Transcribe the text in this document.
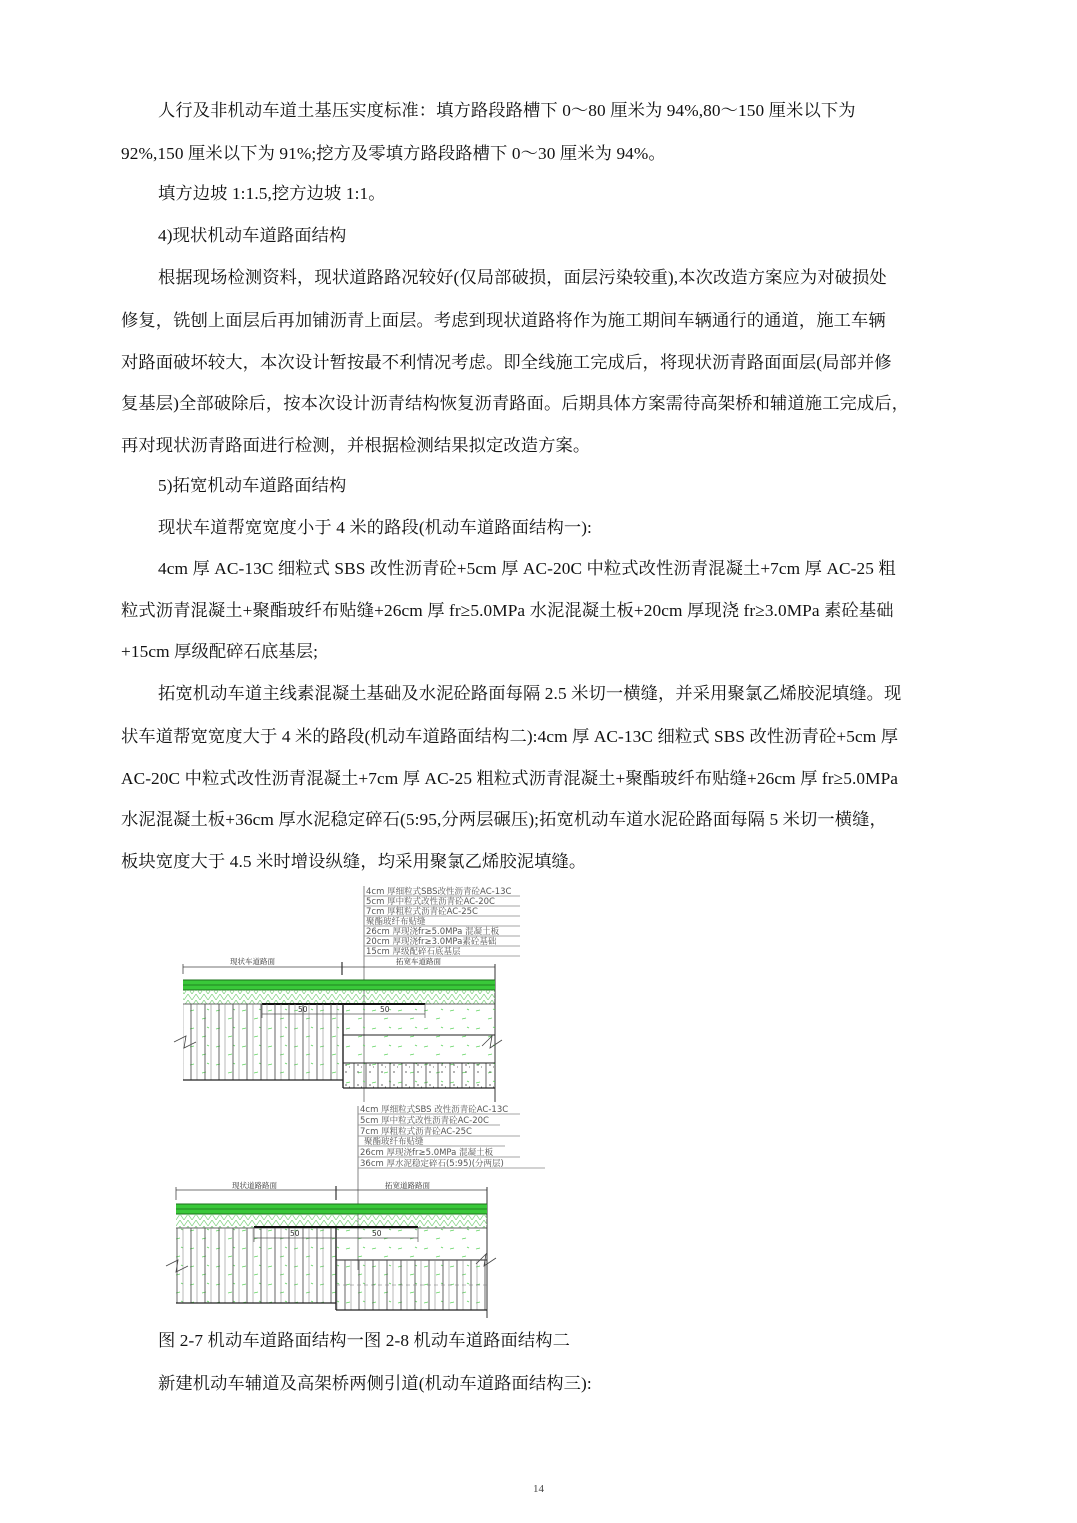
人行及非机动车道土基压实度标准：填方路段路槽下 0～80 厘米为 94%,80～150 厘米以下为
92%,150 厘米以下为 91%;挖方及零填方路段路槽下 0～30 厘米为 94%。
填方边坡 1:1.5,挖方边坡 1:1。
4)现状机动车道路面结构
根据现场检测资料，现状道路路况较好(仅局部破损，面层污染较重),本次改造方案应为对破损处
修复，铣刨上面层后再加铺沥青上面层。考虑到现状道路将作为施工期间车辆通行的通道，施工车辆
对路面破坏较大，本次设计暂按最不利情况考虑。即全线施工完成后，将现状沥青路面面层(局部并修
复基层)全部破除后，按本次设计沥青结构恢复沥青路面。后期具体方案需待高架桥和辅道施工完成后，
再对现状沥青路面进行检测，并根据检测结果拟定改造方案。
5)拓宽机动车道路面结构
现状车道帮宽宽度小于 4 米的路段(机动车道路面结构一):
4cm 厚 AC-13C 细粒式 SBS 改性沥青砼+5cm 厚 AC-20C 中粒式改性沥青混凝土+7cm 厚 AC-25 粗
粒式沥青混凝土+聚酯玻纤布贴缝+26cm 厚 fr≥5.0MPa 水泥混凝土板+20cm 厚现浇 fr≥3.0MPa 素砼基础
+15cm 厚级配碎石底基层;
拓宽机动车道主线素混凝土基础及水泥砼路面每隔 2.5 米切一横缝，并采用聚氯乙烯胶泥填缝。现
状车道帮宽宽度大于 4 米的路段(机动车道路面结构二):4cm 厚 AC-13C 细粒式 SBS 改性沥青砼+5cm 厚
AC-20C 中粒式改性沥青混凝土+7cm 厚 AC-25 粗粒式沥青混凝土+聚酯玻纤布贴缝+26cm 厚 fr≥5.0MPa
水泥混凝土板+36cm 厚水泥稳定碎石(5:95,分两层碾压);拓宽机动车道水泥砼路面每隔 5 米切一横缝，
板块宽度大于 4.5 米时增设纵缝，均采用聚氯乙烯胶泥填缝。
4cm 厚细粒式SBS改性沥青砼AC-13C
5cm 厚中粒式改性沥青砼AC-20C
7cm 厚粗粒式沥青砼AC-25C
聚酯玻纤布贴缝
26cm 厚现浇fr≥5.0MPa 混凝土板
20cm 厚现浇fr≥3.0MPa素砼基础
15cm 厚级配碎石底基层
现状车道路面	拓宽车道路面
50	50
4cm 厚细粒式SBS 改性沥青砼AC-13C
5cm 厚中粒式改性沥青砼AC-20C
7cm 厚粗粒式沥青砼AC-25C
聚酯玻纤布贴缝
26cm 厚现浇fr≥5.0MPa 混凝土板
36cm 厚水泥稳定碎石(5:95)(分两层)
现状道路路面	拓宽道路路面
50	50
图 2-7 机动车道路面结构一图 2-8 机动车道路面结构二
新建机动车辅道及高架桥两侧引道(机动车道路面结构三):
14
